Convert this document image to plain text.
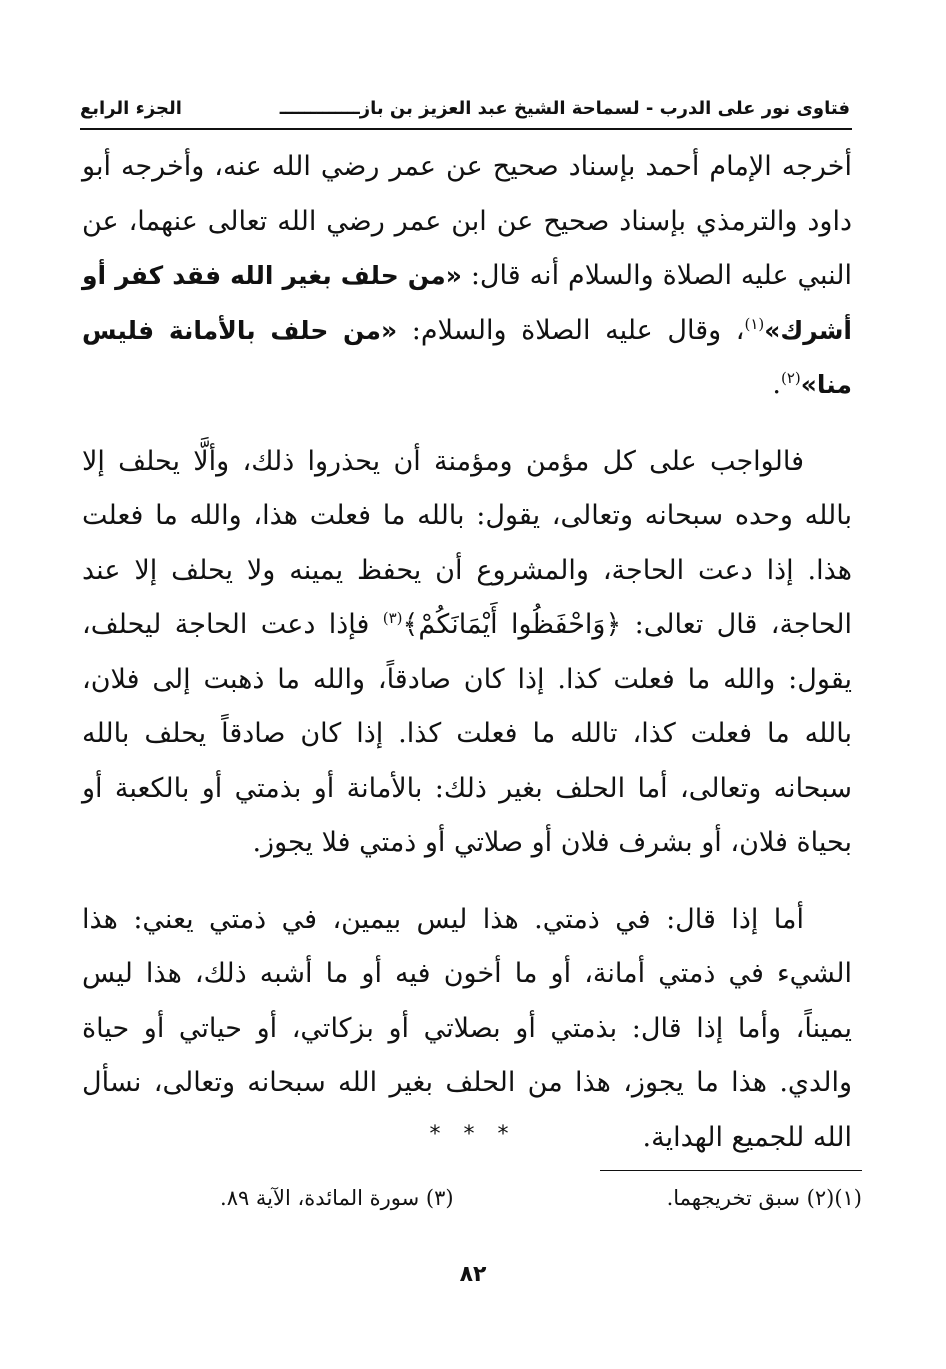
فتاوى نور على الدرب - لسماحة الشيخ عبد العزيز بن بازـــــــــــــ
الجزء الرابع

أخرجه الإمام أحمد بإسناد صحيح عن عمر رضي الله عنه، وأخرجه أبو داود والترمذي بإسناد صحيح عن ابن عمر رضي الله تعالى عنهما، عن النبي عليه الصلاة والسلام أنه قال: «من حلف بغير الله فقد كفر أو أشرك»$^{(١)}$، وقال عليه الصلاة والسلام: «من حلف بالأمانة فليس منا»$^{(٢)}$.

فالواجب على كل مؤمن ومؤمنة أن يحذروا ذلك، وألَّا يحلف إلا بالله وحده سبحانه وتعالى، يقول: بالله ما فعلت هذا، والله ما فعلت هذا. إذا دعت الحاجة، والمشروع أن يحفظ يمينه ولا يحلف إلا عند الحاجة، قال تعالى: ﴿وَاحْفَظُوا أَيْمَانَكُمْ﴾$^{(٣)}$ فإذا دعت الحاجة ليحلف، يقول: والله ما فعلت كذا. إذا كان صادقاً، والله ما ذهبت إلى فلان، بالله ما فعلت كذا، تالله ما فعلت كذا. إذا كان صادقاً يحلف بالله سبحانه وتعالى، أما الحلف بغير ذلك: بالأمانة أو بذمتي أو بالكعبة أو بحياة فلان، أو بشرف فلان أو صلاتي أو ذمتي فلا يجوز.

أما إذا قال: في ذمتي. هذا ليس بيمين، في ذمتي يعني: هذا الشيء في ذمتي أمانة، أو ما أخون فيه أو ما أشبه ذلك، هذا ليس يميناً، وأما إذا قال: بذمتي أو بصلاتي أو بزكاتي، أو حياتي أو حياة والدي. هذا ما يجوز، هذا من الحلف بغير الله سبحانه وتعالى، نسأل الله للجميع الهداية.

* * *
(١)(٢) سبق تخريجهما.
(٣) سورة المائدة، الآية ٨٩.
٨٢
